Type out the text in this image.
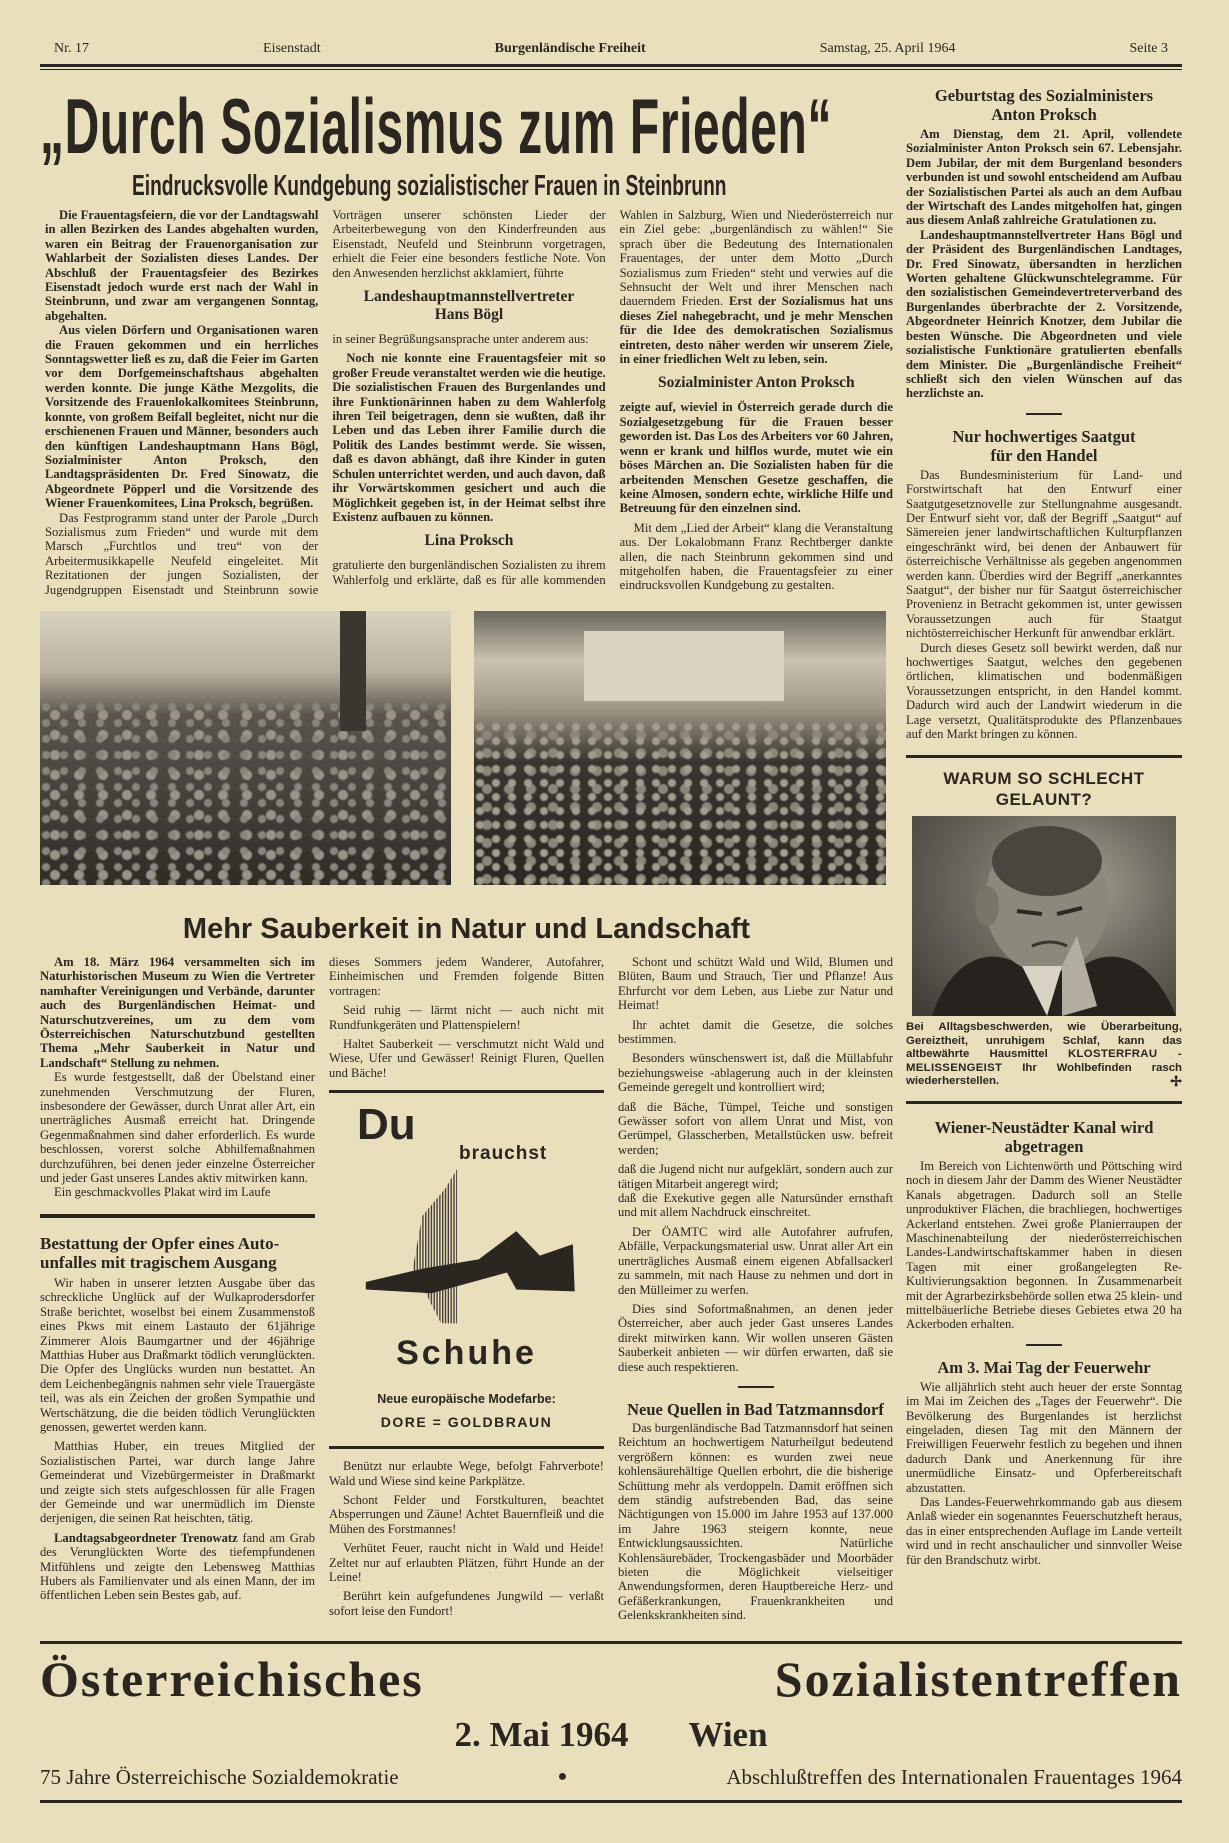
Nr. 17	Eisenstadt	Burgenländische Freiheit	Samstag, 25. April 1964	Seite 3
„Durch Sozialismus zum Frieden“
Eindrucksvolle Kundgebung sozialistischer Frauen in Steinbrunn

Die Frauentagsfeiern, die vor der Landtagswahl in allen Bezirken des Landes abgehalten wurden, waren ein Beitrag der Frauenorganisation zur Wahlarbeit der Sozialisten dieses Landes. Der Abschluß der Frauentagsfeier des Bezirkes Eisenstadt jedoch wurde erst nach der Wahl in Steinbrunn, und zwar am vergangenen Sonntag, abgehalten.

Aus vielen Dörfern und Organisationen waren die Frauen gekommen und ein herrliches Sonntagswetter ließ es zu, daß die Feier im Garten vor dem Dorfgemeinschaftshaus abgehalten werden konnte. Die junge Käthe Mezgolits, die Vorsitzende des Frauenlokalkomitees Steinbrunn, konnte, von großem Beifall begleitet, nicht nur die erschienenen Frauen und Männer, besonders auch den künftigen Landeshauptmann Hans Bögl, Sozialminister Anton Proksch, den Landtagspräsidenten Dr. Fred Sinowatz, die Abgeordnete Pöpperl und die Vorsitzende des Wiener Frauenkomitees, Lina Proksch, begrüßen.

Das Festprogramm stand unter der Parole „Durch Sozialismus zum Frieden“ und wurde mit dem Marsch „Furchtlos und treu“ von der Arbeitermusikkapelle Neufeld eingeleitet. Mit Rezitationen der jungen Sozialisten, der Jugendgruppen Eisenstadt und Steinbrunn sowie Vorträgen unserer schönsten Lieder der Arbeiterbewegung von den Kinderfreunden aus Eisenstadt, Neufeld und Steinbrunn vorgetragen, erhielt die Feier eine besonders festliche Note. Von den Anwesenden herzlichst akklamiert, führte

Landeshauptmannstellvertreter
Hans Bögl

in seiner Begrüßungsansprache unter anderem aus:

Noch nie konnte eine Frauentagsfeier mit so großer Freude veranstaltet werden wie die heutige. Die sozialistischen Frauen des Burgenlandes und ihre Funktionärinnen haben zu dem Wahlerfolg ihren Teil beigetragen, denn sie wußten, daß ihr Leben und das Leben ihrer Familie durch die Politik des Landes bestimmt werde. Sie wissen, daß es davon abhängt, daß ihre Kinder in guten Schulen unterrichtet werden, und auch davon, daß ihr Vorwärtskommen gesichert und auch die Möglichkeit gegeben ist, in der Heimat selbst ihre Existenz aufbauen zu können.

Lina Proksch

gratulierte den burgenländischen Sozialisten zu ihrem Wahlerfolg und erklärte, daß es für alle kommenden Wahlen in Salzburg, Wien und Niederösterreich nur ein Ziel gebe: „burgenländisch zu wählen!“ Sie sprach über die Bedeutung des Internationalen Frauentages, der unter dem Motto „Durch Sozialismus zum Frieden“ steht und verwies auf die Sehnsucht der Welt und ihrer Menschen nach dauerndem Frieden. Erst der Sozialismus hat uns dieses Ziel nahegebracht, und je mehr Menschen für die Idee des demokratischen Sozialismus eintreten, desto näher werden wir unserem Ziele, in einer friedlichen Welt zu leben, sein.

Sozialminister Anton Proksch

zeigte auf, wieviel in Österreich gerade durch die Sozialgesetzgebung für die Frauen besser geworden ist. Das Los des Arbeiters vor 60 Jahren, wenn er krank und hilflos wurde, mutet wie ein böses Märchen an. Die Sozialisten haben für die arbeitenden Menschen Gesetze geschaffen, die keine Almosen, sondern echte, wirkliche Hilfe und Betreuung für den einzelnen sind.

Mit dem „Lied der Arbeit“ klang die Veranstaltung aus. Der Lokalobmann Franz Rechtberger dankte allen, die nach Steinbrunn gekommen sind und mitgeholfen haben, die Frauentagsfeier zu einer eindrucksvollen Kundgebung zu gestalten.

Mehr Sauberkeit in Natur und Landschaft

Am 18. März 1964 versammelten sich im Naturhistorischen Museum zu Wien die Vertreter namhafter Vereinigungen und Verbände, darunter auch des Burgenländischen Heimat- und Naturschutzvereines, um zu dem vom Österreichischen Naturschutzbund gestellten Thema „Mehr Sauberkeit in Natur und Landschaft“ Stellung zu nehmen.

Es wurde festgestsellt, daß der Übelstand einer zunehmenden Verschmutzung der Fluren, insbesondere der Gewässer, durch Unrat aller Art, ein unerträgliches Ausmaß erreicht hat. Dringende Gegenmaßnahmen sind daher erforderlich. Es wurde beschlossen, vorerst solche Abhilfemaßnahmen durchzuführen, bei denen jeder einzelne Österreicher und jeder Gast unseres Landes aktiv mitwirken kann.

Ein geschmackvolles Plakat wird im Laufe

Bestattung der Opfer eines Auto-
unfalles mit tragischem Ausgang

Wir haben in unserer letzten Ausgabe über das schreckliche Unglück auf der Wulkaprodersdorfer Straße berichtet, woselbst bei einem Zusammenstoß eines Pkws mit einem Lastauto der 61jährige Zimmerer Alois Baumgartner und der 46jährige Matthias Huber aus Draßmarkt tödlich verunglückten. Die Opfer des Unglücks wurden nun bestattet. An dem Leichenbegängnis nahmen sehr viele Trauergäste teil, was als ein Zeichen der großen Sympathie und Wertschätzung, die die beiden tödlich Verunglückten genossen, gewertet werden kann.

Matthias Huber, ein treues Mitglied der Sozialistischen Partei, war durch lange Jahre Gemeinderat und Vizebürgermeister in Draßmarkt und zeigte sich stets aufgeschlossen für alle Fragen der Gemeinde und war unermüdlich im Dienste derjenigen, die seinen Rat heischten, tätig.

Landtagsabgeordneter Trenowatz fand am Grab des Verunglückten Worte des tiefempfundenen Mitfühlens und zeigte den Lebensweg Matthias Hubers als Familienvater und als einen Mann, der im öffentlichen Leben sein Bestes gab, auf.

dieses Sommers jedem Wanderer, Autofahrer, Einheimischen und Fremden folgende Bitten vortragen:

Seid ruhig — lärmt nicht — auch nicht mit Rundfunkgeräten und Plattenspielern!

Haltet Sauberkeit — verschmutzt nicht Wald und Wiese, Ufer und Gewässer! Reinigt Fluren, Quellen und Bäche!

Du
brauchst
Schuhe
Neue europäische Modefarbe:
DORE = GOLDBRAUN

Benützt nur erlaubte Wege, befolgt Fahrverbote! Wald und Wiese sind keine Parkplätze.

Schont Felder und Forstkulturen, beachtet Absperrungen und Zäune! Achtet Bauernfleiß und die Mühen des Forstmannes!

Verhütet Feuer, raucht nicht in Wald und Heide! Zeltet nur auf erlaubten Plätzen, führt Hunde an der Leine!

Berührt kein aufgefundenes Jungwild — verlaßt sofort leise den Fundort!

Schont und schützt Wald und Wild, Blumen und Blüten, Baum und Strauch, Tier und Pflanze! Aus Ehrfurcht vor dem Leben, aus Liebe zur Natur und Heimat!

Ihr achtet damit die Gesetze, die solches bestimmen.

Besonders wünschenswert ist, daß die Müllabfuhr beziehungsweise -ablagerung auch in der kleinsten Gemeinde geregelt und kontrolliert wird;

daß die Bäche, Tümpel, Teiche und sonstigen Gewässer sofort von allem Unrat und Mist, von Gerümpel, Glasscherben, Metallstücken usw. befreit werden;

daß die Jugend nicht nur aufgeklärt, sondern auch zur tätigen Mitarbeit angeregt wird;

daß die Exekutive gegen alle Natursünder ernsthaft und mit allem Nachdruck einschreitet.

Der ÖAMTC wird alle Autofahrer aufrufen, Abfälle, Verpackungsmaterial usw. Unrat aller Art ein unerträgliches Ausmaß einem eigenen Abfallsackerl zu sammeln, mit nach Hause zu nehmen und dort in den Mülleimer zu werfen.

Dies sind Sofortmaßnahmen, an denen jeder Österreicher, aber auch jeder Gast unseres Landes direkt mitwirken kann. Wir wollen unseren Gästen Sauberkeit anbieten — wir dürfen erwarten, daß sie diese auch respektieren.

Neue Quellen in Bad Tatzmannsdorf

Das burgenländische Bad Tatzmannsdorf hat seinen Reichtum an hochwertigem Naturheilgut bedeutend vergrößern können: es wurden zwei neue kohlensäurehältige Quellen erbohrt, die die bisherige Schüttung mehr als verdoppeln. Damit eröffnen sich dem ständig aufstrebenden Bad, das seine Nächtigungen von 15.000 im Jahre 1953 auf 137.000 im Jahre 1963 steigern konnte, neue Entwicklungsaussichten. Natürliche Kohlensäurebäder, Trockengasbäder und Moorbäder bieten die Möglichkeit vielseitiger Anwendungsformen, deren Hauptbereiche Herz- und Gefäßerkrankungen, Frauenkrankheiten und Gelenkskrankheiten sind.

Geburtstag des Sozialministers
Anton Proksch

Am Dienstag, dem 21. April, vollendete Sozialminister Anton Proksch sein 67. Lebensjahr. Dem Jubilar, der mit dem Burgenland besonders verbunden ist und sowohl entscheidend am Aufbau der Sozialistischen Partei als auch an dem Aufbau der Wirtschaft des Landes mitgeholfen hat, gingen aus diesem Anlaß zahlreiche Gratulationen zu.

Landeshauptmannstellvertreter Hans Bögl und der Präsident des Burgenländischen Landtages, Dr. Fred Sinowatz, übersandten in herzlichen Worten gehaltene Glückwunschtelegramme. Für den sozialistischen Gemeindevertreterverband des Burgenlandes überbrachte der 2. Vorsitzende, Abgeordneter Heinrich Knotzer, dem Jubilar die besten Wünsche. Die Abgeordneten und viele sozialistische Funktionäre gratulierten ebenfalls dem Minister. Die „Burgenländische Freiheit“ schließt sich den vielen Wünschen auf das herzlichste an.

Nur hochwertiges Saatgut
für den Handel

Das Bundesministerium für Land- und Forstwirtschaft hat den Entwurf einer Saatgutgesetznovelle zur Stellungnahme ausgesandt. Der Entwurf sieht vor, daß der Begriff „Saatgut“ auf Sämereien jener landwirtschaftlichen Kulturpflanzen eingeschränkt wird, bei denen der Anbauwert für österreichische Verhältnisse als gegeben angenommen werden kann. Überdies wird der Begriff „anerkanntes Saatgut“, der bisher nur für Saatgut österreichischer Provenienz in Betracht gekommen ist, unter gewissen Voraussetzungen auch für Staatgut nichtösterreichischer Herkunft für anwendbar erklärt.

Durch dieses Gesetz soll bewirkt werden, daß nur hochwertiges Saatgut, welches den gegebenen örtlichen, klimatischen und bodenmäßigen Voraussetzungen entspricht, in den Handel kommt. Dadurch wird auch der Landwirt wiederum in die Lage versetzt, Qualitätsprodukte des Pflanzenbaues auf den Markt bringen zu können.

WARUM SO SCHLECHT GELAUNT?
Bei Alltagsbeschwerden, wie Überarbeitung, Gereiztheit, unruhigem Schlaf, kann das altbewährte Hausmittel KLOSTERFRAU - MELISSENGEIST Ihr Wohlbefinden rasch wiederherstellen.	✢
Wiener-Neustädter Kanal wird
abgetragen

Im Bereich von Lichtenwörth und Pöttsching wird noch in diesem Jahr der Damm des Wiener Neustädter Kanals abgetragen. Dadurch soll an Stelle unproduktiver Flächen, die brachliegen, hochwertiges Ackerland entstehen. Zwei große Planierraupen der Maschinenabteilung der niederösterreichischen Landes-Landwirtschaftskammer haben in diesen Tagen mit einer großangelegten Re-Kultivierungsaktion begonnen. In Zusammenarbeit mit der Agrarbezirksbehörde sollen etwa 25 klein- und mittelbäuerliche Betriebe dieses Gebietes etwa 20 ha Ackerboden erhalten.

Am 3. Mai Tag der Feuerwehr

Wie alljährlich steht auch heuer der erste Sonntag im Mai im Zeichen des „Tages der Feuerwehr“. Die Bevölkerung des Burgenlandes ist herzlichst eingeladen, diesen Tag mit den Männern der Freiwilligen Feuerwehr festlich zu begehen und ihnen dadurch Dank und Anerkennung für ihre unermüdliche Einsatz- und Opferbereitschaft abzustatten.

Das Landes-Feuerwehrkommando gab aus diesem Anlaß wieder ein sogenanntes Feuerschutzheft heraus, das in einer entsprechenden Auflage im Lande verteilt wird und in recht anschaulicher und sinnvoller Weise für den Brandschutz wirbt.

Österreichisches Sozialistentreffen
2. Mai 1964 Wien
75 Jahre Österreichische Sozialdemokratie	●	Abschlußtreffen des Internationalen Frauentages 1964
